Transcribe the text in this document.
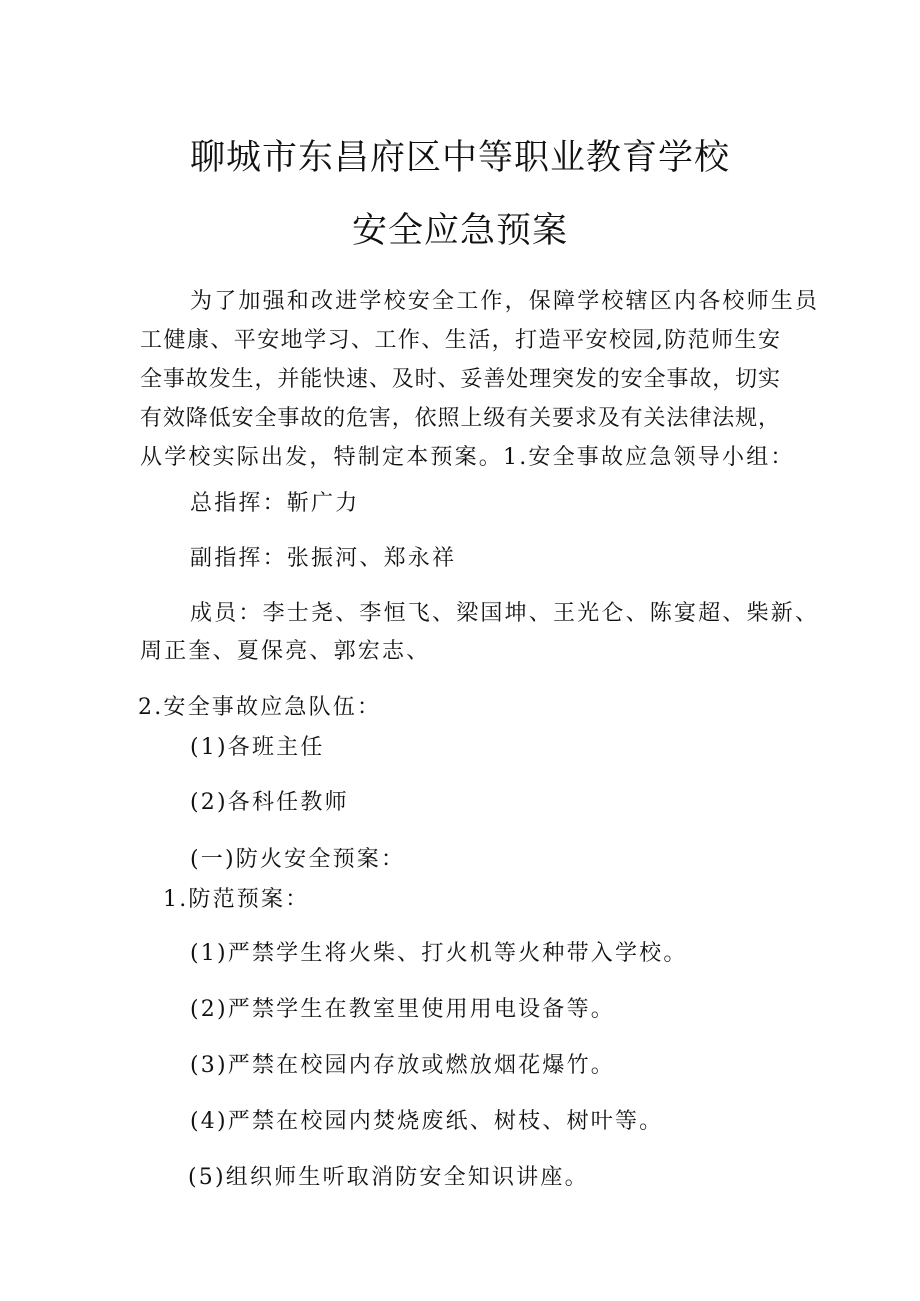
聊城市东昌府区中等职业教育学校
安全应急预案
为了加强和改进学校安全工作，保障学校辖区内各校师生员
工健康、平安地学习、工作、生活，打造平安校园,防范师生安
全事故发生，并能快速、及时、妥善处理突发的安全事故，切实
有效降低安全事故的危害，依照上级有关要求及有关法律法规，
从学校实际出发，特制定本预案。1.安全事故应急领导小组：
总指挥：靳广力
副指挥：张振河、郑永祥
成员：李士尧、李恒飞、梁国坤、王光仑、陈宴超、柴新、
周正奎、夏保亮、郭宏志、
2.安全事故应急队伍：
(1)各班主任
(2)各科任教师
(一)防火安全预案：
1.防范预案：
(1)严禁学生将火柴、打火机等火种带入学校。
(2)严禁学生在教室里使用用电设备等。
(3)严禁在校园内存放或燃放烟花爆竹。
(4)严禁在校园内焚烧废纸、树枝、树叶等。
(5)组织师生听取消防安全知识讲座。
